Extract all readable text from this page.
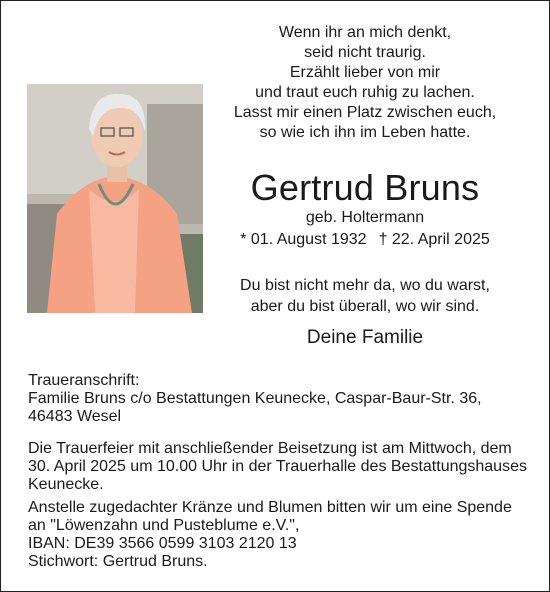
Wenn ihr an mich denkt,
seid nicht traurig.
Erzählt lieber von mir
und traut euch ruhig zu lachen.
Lasst mir einen Platz zwischen euch,
so wie ich ihn im Leben hatte.
Gertrud Bruns
geb. Holtermann
* 01. August 1932 † 22. April 2025
Du bist nicht mehr da, wo du warst,
aber du bist überall, wo wir sind.
Deine Familie
Traueranschrift:
Familie Bruns c/o Bestattungen Keunecke, Caspar-Baur-Str. 36,
46483 Wesel
Die Trauerfeier mit anschließender Beisetzung ist am Mittwoch, dem
30. April 2025 um 10.00 Uhr in der Trauerhalle des Bestattungshauses
Keunecke.
Anstelle zugedachter Kränze und Blumen bitten wir um eine Spende
an "Löwenzahn und Pusteblume e.V.",
IBAN: DE39 3566 0599 3103 2120 13
Stichwort: Gertrud Bruns.
